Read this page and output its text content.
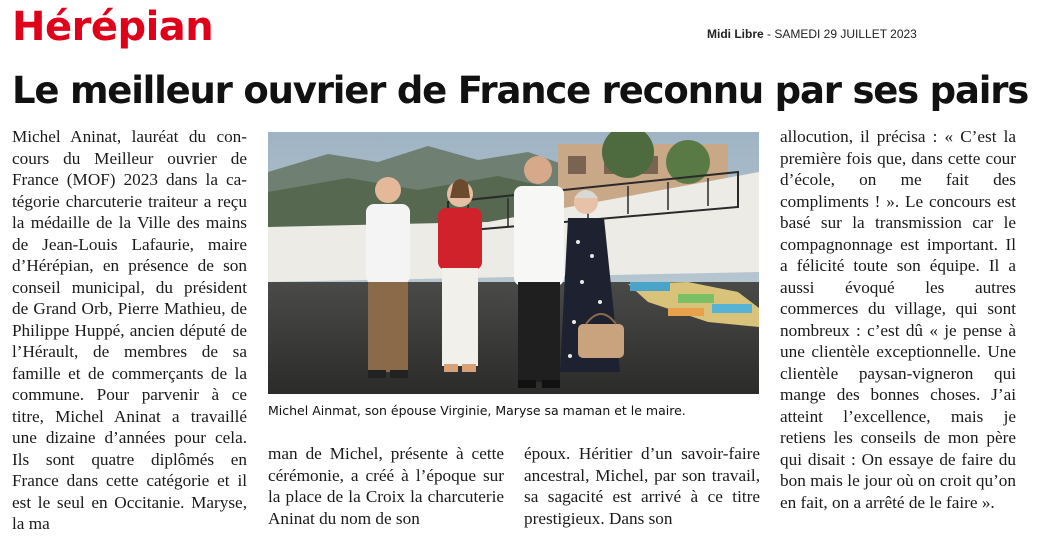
Hérépian	Midi Libre - SAMEDI 29 JUILLET 2023
Le meilleur ouvrier de France reconnu par ses pairs

Michel Aninat, lauréat du concours du Meilleur ouvrier de France (MOF) 2023 dans la catégorie charcuterie traiteur a reçu la médaille de la Ville des mains de Jean-Louis Lafaurie, maire d’Hérépian, en présence de son conseil municipal, du président de Grand Orb, Pierre Mathieu, de Philippe Huppé, ancien député de l’Hérault, de membres de sa famille et de commerçants de la commune. Pour parvenir à ce titre, Michel Aninat a travaillé une dizaine d’années pour cela. Ils sont quatre diplômés en France dans cette catégorie et il est le seul en Occitanie. Maryse, la ma

Michel Ainmat, son épouse Virginie, Maryse sa maman et le maire.

man de Michel, présente à cette cérémonie, a créé à l’époque sur la place de la Croix la charcuterie Aninat du nom de son

époux. Héritier d’un savoir-faire ancestral, Michel, par son travail, sa sagacité est arrivé à ce titre prestigieux. Dans son

allocution, il précisa : « C’est la première fois que, dans cette cour d’école, on me fait des compliments ! ». Le concours est basé sur la transmission car le compagnonnage est important. Il a félicité toute son équipe. Il a aussi évoqué les autres commerces du village, qui sont nombreux : c’est dû « je pense à une clientèle exceptionnelle. Une clientèle paysan-vigneron qui mange des bonnes choses. J’ai atteint l’excellence, mais je retiens les conseils de mon père qui disait : On essaye de faire du bon mais le jour où on croit qu’on en fait, on a arrêté de le faire ».
